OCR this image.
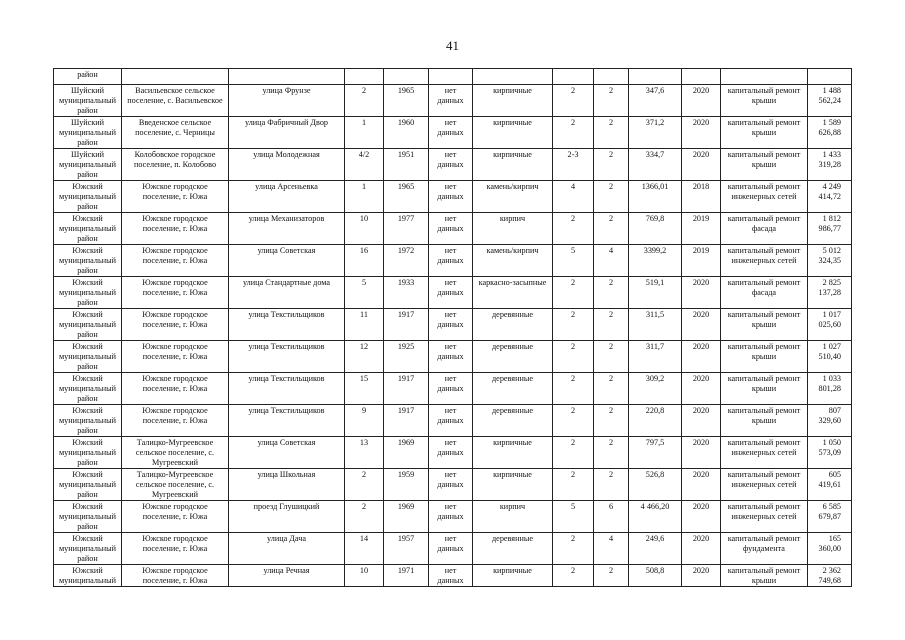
41
район												
Шуйский муниципальный район	Васильевское сельское поселение, с. Васильевское	улица Фрунзе	2	1965	нет данных	кирпичные	2	2	347,6	2020	капитальный ремонт крыши	1 488 562,24
Шуйский муниципальный район	Введенское сельское поселение, с. Черницы	улица Фабричный Двор	1	1960	нет данных	кирпичные	2	2	371,2	2020	капитальный ремонт крыши	1 589 626,88
Шуйский муниципальный район	Колобовское городское поселение, п. Колобово	улица Молодежная	4/2	1951	нет данных	кирпичные	2-3	2	334,7	2020	капитальный ремонт крыши	1 433 319,28
Южский муниципальный район	Южское городское поселение, г. Южа	улица Арсеньевка	1	1965	нет данных	камень/кирпич	4	2	1366,01	2018	капитальный ремонт инженерных сетей	4 249 414,72
Южский муниципальный район	Южское городское поселение, г. Южа	улица Механизаторов	10	1977	нет данных	кирпич	2	2	769,8	2019	капитальный ремонт фасада	1 812 986,77
Южский муниципальный район	Южское городское поселение, г. Южа	улица Советская	16	1972	нет данных	камень/кирпич	5	4	3399,2	2019	капитальный ремонт инженерных сетей	5 012 324,35
Южский муниципальный район	Южское городское поселение, г. Южа	улица Стандартные дома	5	1933	нет данных	каркасно-засыпные	2	2	519,1	2020	капитальный ремонт фасада	2 825 137,28
Южский муниципальный район	Южское городское поселение, г. Южа	улица Текстильщиков	11	1917	нет данных	деревянные	2	2	311,5	2020	капитальный ремонт крыши	1 017 025,60
Южский муниципальный район	Южское городское поселение, г. Южа	улица Текстильщиков	12	1925	нет данных	деревянные	2	2	311,7	2020	капитальный ремонт крыши	1 027 510,40
Южский муниципальный район	Южское городское поселение, г. Южа	улица Текстильщиков	15	1917	нет данных	деревянные	2	2	309,2	2020	капитальный ремонт крыши	1 033 801,28
Южский муниципальный район	Южское городское поселение, г. Южа	улица Текстильщиков	9	1917	нет данных	деревянные	2	2	220,8	2020	капитальный ремонт крыши	807 329,60
Южский муниципальный район	Талицко-Мугреевское сельское поселение, с. Мугреевский	улица Советская	13	1969	нет данных	кирпичные	2	2	797,5	2020	капитальный ремонт инженерных сетей	1 050 573,09
Южский муниципальный район	Талицко-Мугреевское сельское поселение, с. Мугреевский	улица Школьная	2	1959	нет данных	кирпичные	2	2	526,8	2020	капитальный ремонт инженерных сетей	605 419,61
Южский муниципальный район	Южское городское поселение, г. Южа	проезд Глушицкий	2	1969	нет данных	кирпич	5	6	4 466,20	2020	капитальный ремонт инженерных сетей	6 585 679,87
Южский муниципальный район	Южское городское поселение, г. Южа	улица Дача	14	1957	нет данных	деревянные	2	4	249,6	2020	капитальный ремонт фундамента	165 360,00
Южский муниципальный	Южское городское поселение, г. Южа	улица Речная	10	1971	нет данных	кирпичные	2	2	508,8	2020	капитальный ремонт крыши	2 362 749,68
